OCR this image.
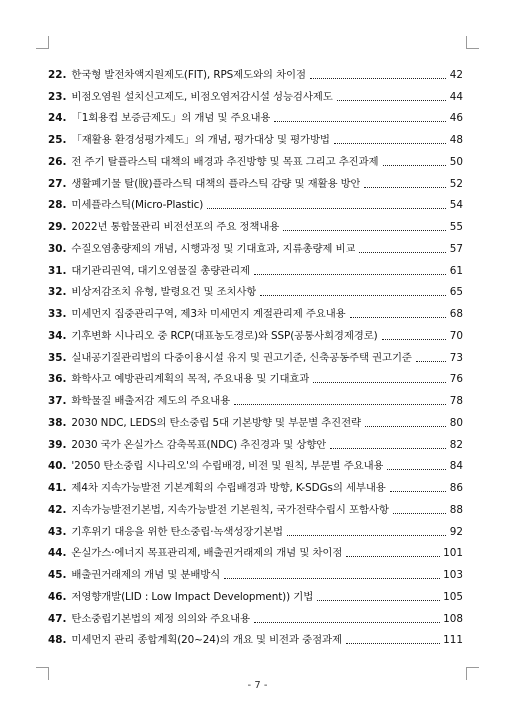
22. 한국형 발전차액지원제도(FIT), RPS제도와의 차이점	42
23. 비점오염원 설치신고제도, 비점오염저감시설 성능검사제도	44
24. 「1회용컵 보증금제도」의 개념 및 주요내용	46
25. 「재활용 환경성평가제도」의 개념, 평가대상 및 평가방법	48
26. 전 주기 탈플라스틱 대책의 배경과 추진방향 및 목표 그리고 추진과제	50
27. 생활폐기물 탈(脫)플라스틱 대책의 플라스틱 감량 및 재활용 방안	52
28. 미세플라스틱(Micro-Plastic)	54
29. 2022년 통합물관리 비전선포의 주요 정책내용	55
30. 수질오염총량제의 개념, 시행과정 및 기대효과, 지류총량제 비교	57
31. 대기관리권역, 대기오염물질 총량관리제	61
32. 비상저감조치 유형, 발령요건 및 조치사항	65
33. 미세먼지 집중관리구역, 제3차 미세먼지 계절관리제 주요내용	68
34. 기후변화 시나리오 중 RCP(대표농도경로)와 SSP(공통사회경제경로)	70
35. 실내공기질관리법의 다중이용시설 유지 및 권고기준, 신축공동주택 권고기준	73
36. 화학사고 예방관리계획의 목적, 주요내용 및 기대효과	76
37. 화학물질 배출저감 제도의 주요내용	78
38. 2030 NDC, LEDS의 탄소중립 5대 기본방향 및 부문별 추진전략	80
39. 2030 국가 온실가스 감축목표(NDC) 추진경과 및 상향안	82
40. '2050 탄소중립 시나리오'의 수립배경, 비전 및 원칙, 부문별 주요내용	84
41. 제4차 지속가능발전 기본계획의 수립배경과 방향, K-SDGs의 세부내용	86
42. 지속가능발전기본법, 지속가능발전 기본원칙, 국가전략수립시 포함사항	88
43. 기후위기 대응을 위한 탄소중립·녹색성장기본법	92
44. 온실가스·에너지 목표관리제, 배출권거래제의 개념 및 차이점	101
45. 배출권거래제의 개념 및 분배방식	103
46. 저영향개발(LID : Low Impact Development)) 기법	105
47. 탄소중립기본법의 제정 의의와 주요내용	108
48. 미세먼지 관리 종합계획(20~24)의 개요 및 비전과 중점과제	111
- 7 -
